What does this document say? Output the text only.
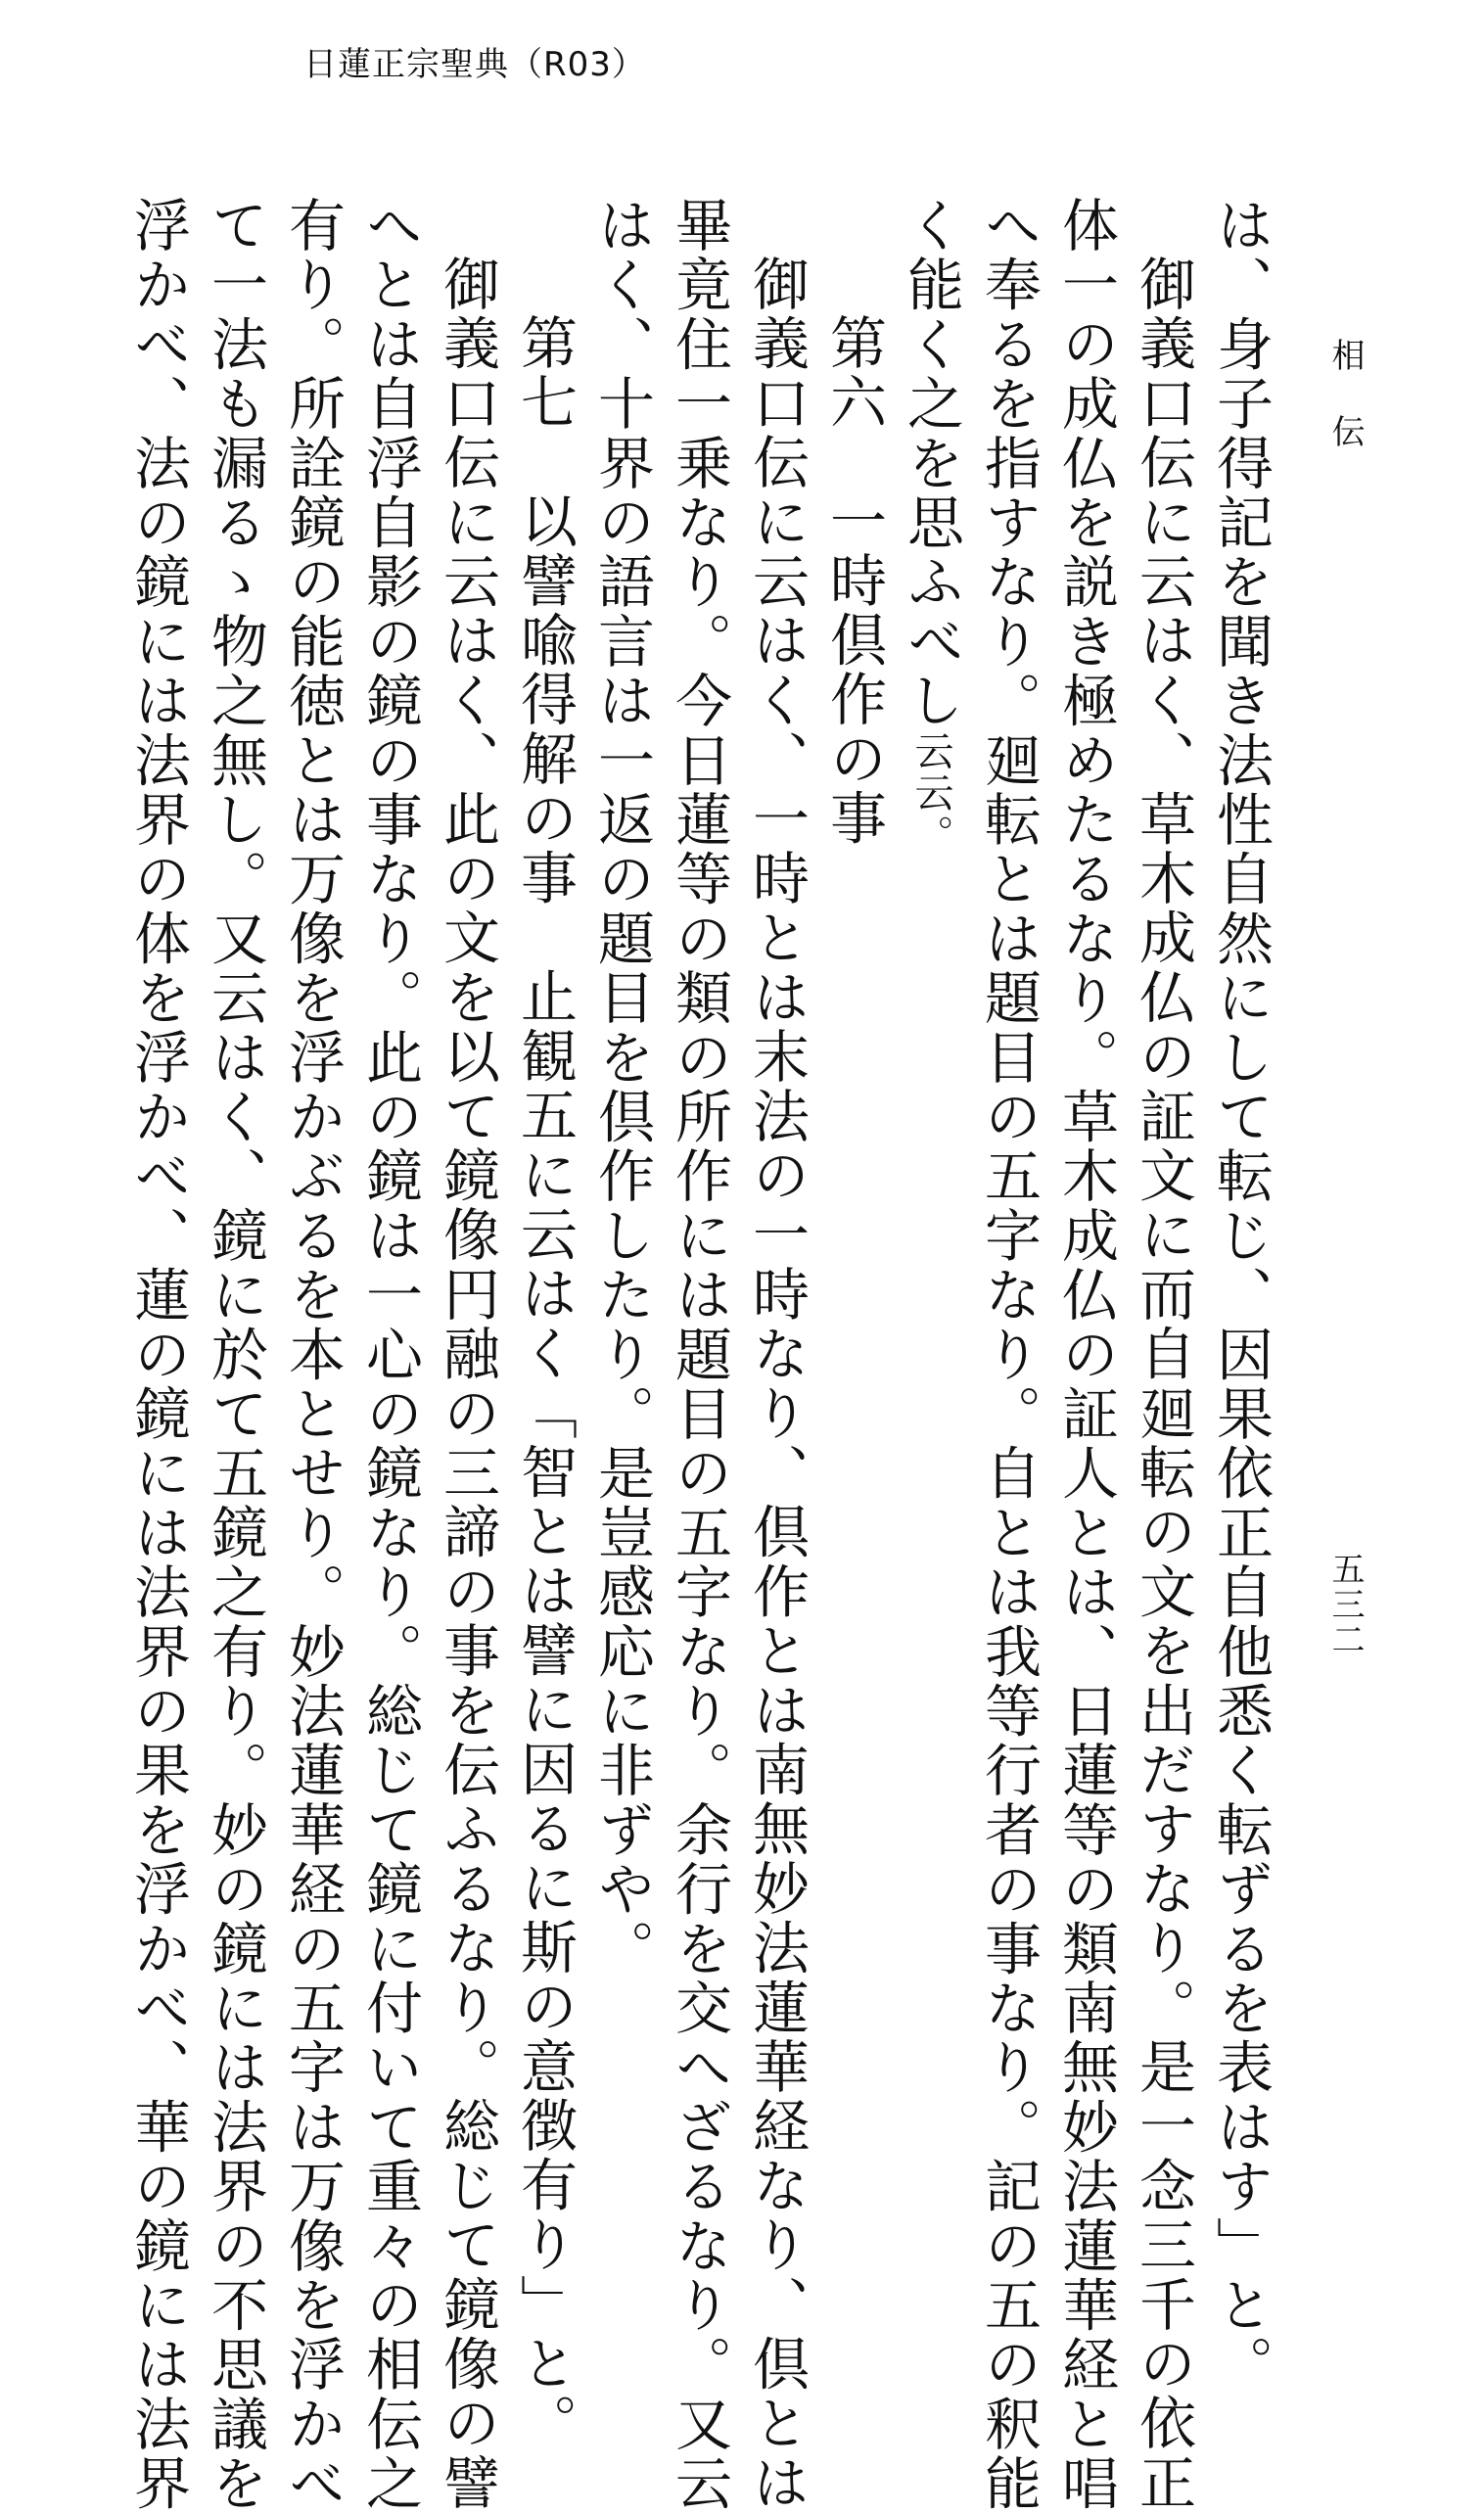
日蓮正宗聖典（R03）
相伝
五三二
は、身子得記を聞き法性自然にして転じ、因果依正自他悉く転ずるを表はす」と。
御義口伝に云はく、草木成仏の証文に而自廻転の文を出だすなり。是一念三千の依正
体一の成仏を説き極めたるなり。草木成仏の証人とは、日蓮等の類南無妙法蓮華経と唱
へ奉るを指すなり。廻転とは題目の五字なり。自とは我等行者の事なり。記の五の釈能
く能く之を思ふべし云云。
第六　一時倶作の事
御義口伝に云はく、一時とは末法の一時なり、倶作とは南無妙法蓮華経なり、倶とは
畢竟住一乗なり。今日蓮等の類の所作には題目の五字なり。余行を交へざるなり。又云
はく、十界の語言は一返の題目を倶作したり。是豈感応に非ずや。
第七　以譬喩得解の事　止観五に云はく「智とは譬に因るに斯の意徴有り」と。
御義口伝に云はく、此の文を以て鏡像円融の三諦の事を伝ふるなり。総じて鏡像の譬
へとは自浮自影の鏡の事なり。此の鏡は一心の鏡なり。総じて鏡に付いて重々の相伝之
有り。所詮鏡の能徳とは万像を浮かぶるを本とせり。妙法蓮華経の五字は万像を浮かべ
て一法も漏るゝ物之無し。又云はく、鏡に於て五鏡之有り。妙の鏡には法界の不思議を
浮かべ、法の鏡には法界の体を浮かべ、蓮の鏡には法界の果を浮かべ、華の鏡には法界
